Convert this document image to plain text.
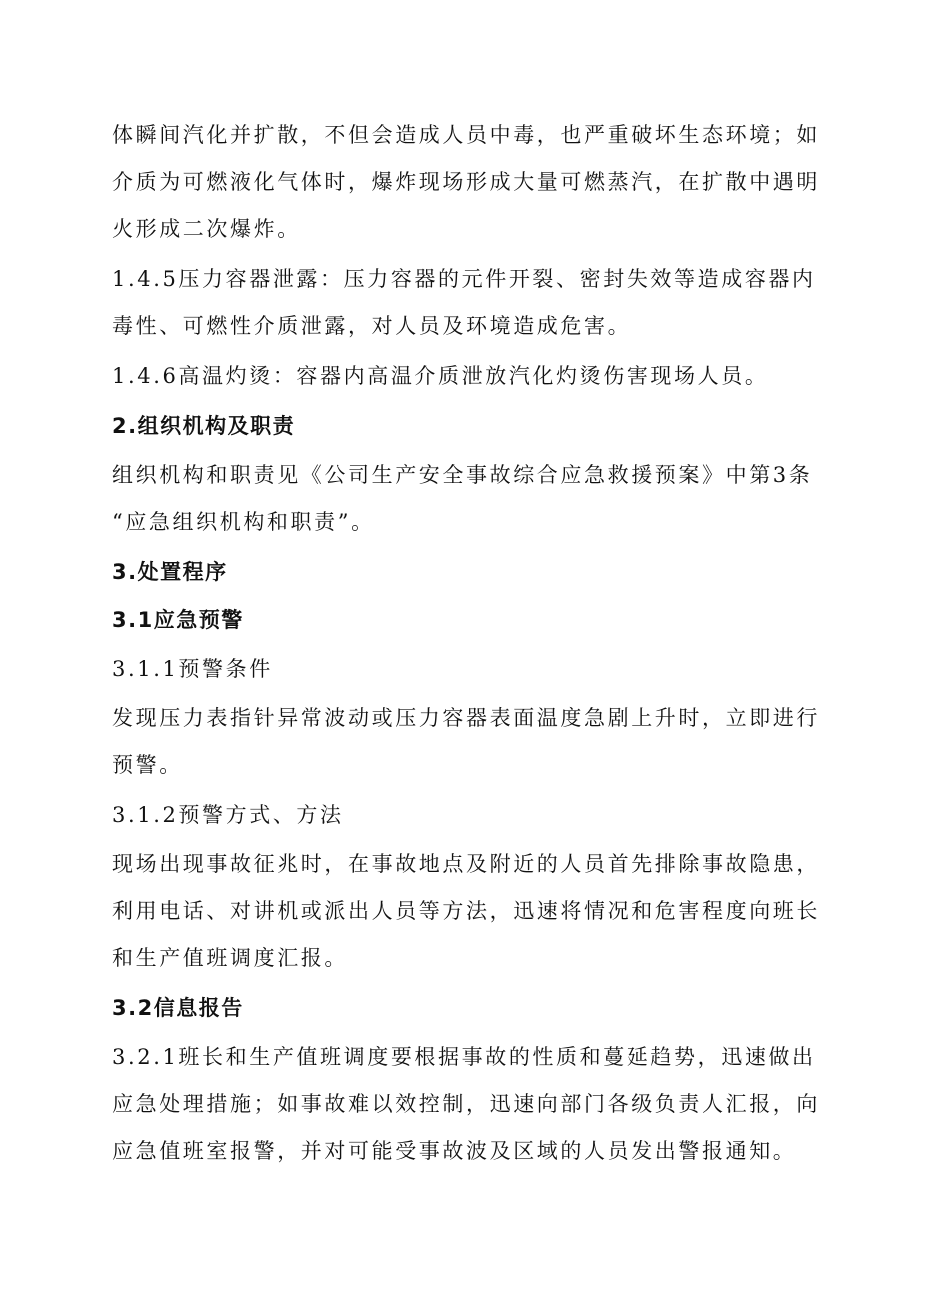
体瞬间汽化并扩散，不但会造成人员中毒，也严重破坏生态环境；如
介质为可燃液化气体时，爆炸现场形成大量可燃蒸汽，在扩散中遇明
火形成二次爆炸。
1.4.5压力容器泄露：压力容器的元件开裂、密封失效等造成容器内
毒性、可燃性介质泄露，对人员及环境造成危害。
1.4.6高温灼烫：容器内高温介质泄放汽化灼烫伤害现场人员。
2.组织机构及职责
组织机构和职责见《公司生产安全事故综合应急救援预案》中第3条
“应急组织机构和职责”。
3.处置程序
3.1应急预警
3.1.1预警条件
发现压力表指针异常波动或压力容器表面温度急剧上升时，立即进行
预警。
3.1.2预警方式、方法
现场出现事故征兆时，在事故地点及附近的人员首先排除事故隐患，
利用电话、对讲机或派出人员等方法，迅速将情况和危害程度向班长
和生产值班调度汇报。
3.2信息报告
3.2.1班长和生产值班调度要根据事故的性质和蔓延趋势，迅速做出
应急处理措施；如事故难以效控制，迅速向部门各级负责人汇报，向
应急值班室报警，并对可能受事故波及区域的人员发出警报通知。
